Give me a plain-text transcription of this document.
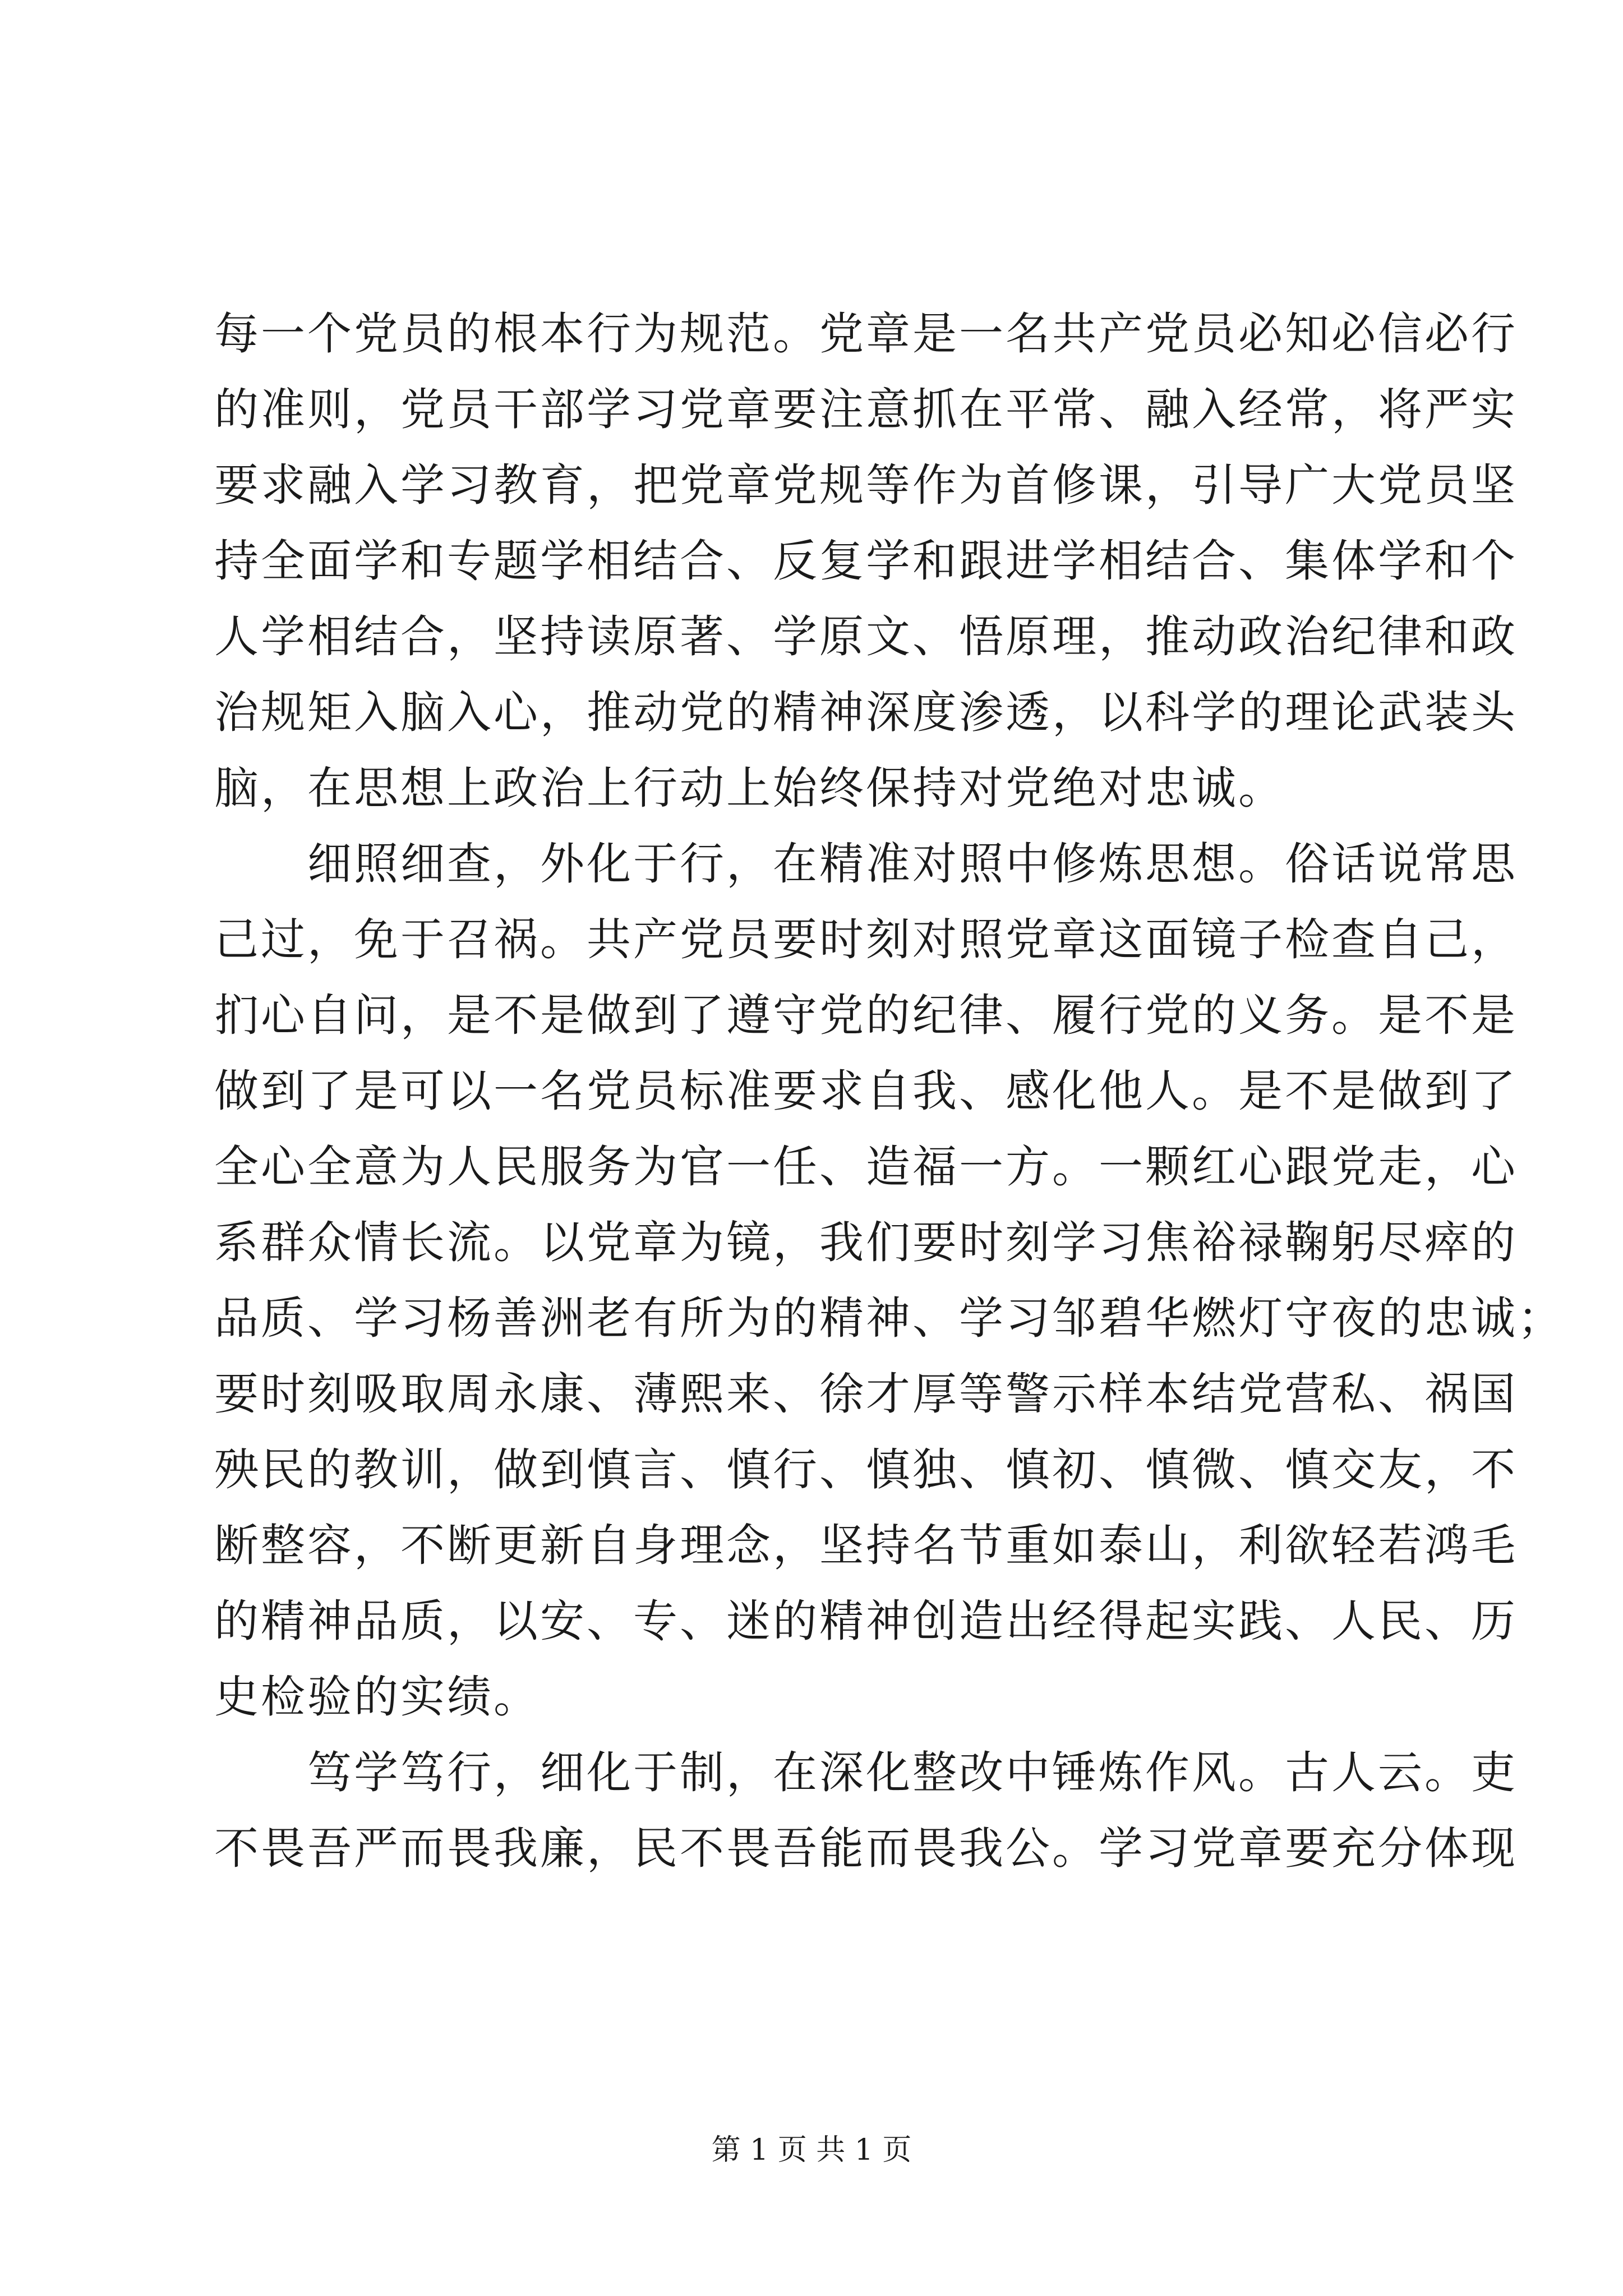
每一个党员的根本行为规范。党章是一名共产党员必知必信必行
的准则，党员干部学习党章要注意抓在平常、融入经常，将严实
要求融入学习教育，把党章党规等作为首修课，引导广大党员坚
持全面学和专题学相结合、反复学和跟进学相结合、集体学和个
人学相结合，坚持读原著、学原文、悟原理，推动政治纪律和政
治规矩入脑入心，推动党的精神深度渗透，以科学的理论武装头
脑，在思想上政治上行动上始终保持对党绝对忠诚。
细照细查，外化于行，在精准对照中修炼思想。俗话说常思
己过，免于召祸。共产党员要时刻对照党章这面镜子检查自己，
扪心自问，是不是做到了遵守党的纪律、履行党的义务。是不是
做到了是可以一名党员标准要求自我、感化他人。是不是做到了
全心全意为人民服务为官一任、造福一方。一颗红心跟党走，心
系群众情长流。以党章为镜，我们要时刻学习焦裕禄鞠躬尽瘁的
品质、学习杨善洲老有所为的精神、学习邹碧华燃灯守夜的忠诚；
要时刻吸取周永康、薄熙来、徐才厚等警示样本结党营私、祸国
殃民的教训，做到慎言、慎行、慎独、慎初、慎微、慎交友，不
断整容，不断更新自身理念，坚持名节重如泰山，利欲轻若鸿毛
的精神品质，以安、专、迷的精神创造出经得起实践、人民、历
史检验的实绩。
笃学笃行，细化于制，在深化整改中锤炼作风。古人云。吏
不畏吾严而畏我廉，民不畏吾能而畏我公。学习党章要充分体现
第 1 页 共 1 页
